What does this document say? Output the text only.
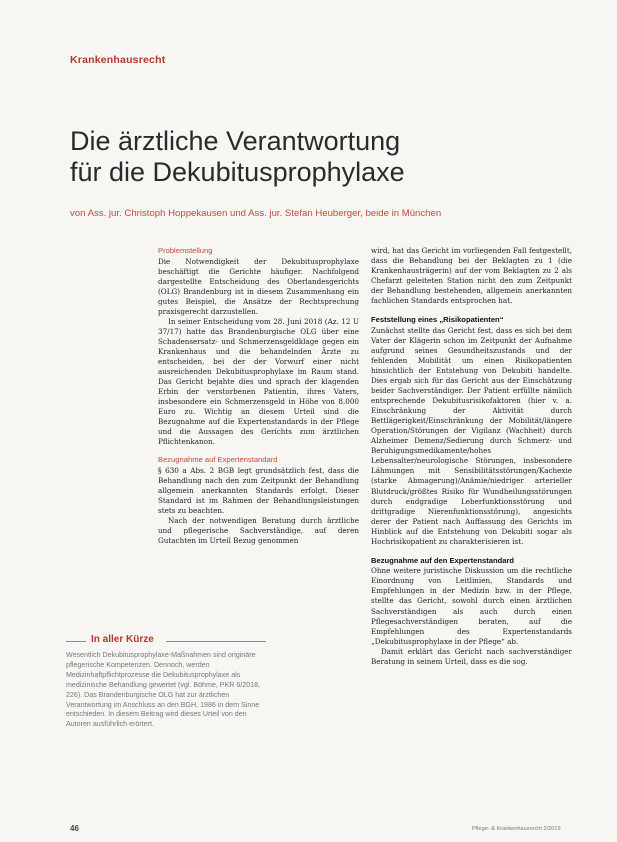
Krankenhausrecht
Die ärztliche Verantwortung
für die Dekubitusprophylaxe
von Ass. jur. Christoph Hoppekausen und Ass. jur. Stefan Heuberger, beide in München
Problemstellung

Die Notwendigkeit der Dekubitusprophylaxe beschäftigt die Gerichte häufiger. Nachfolgend dargestellte Entscheidung des Oberlandesgerichts (OLG) Brandenburg ist in diesem Zusammenhang ein gutes Beispiel, die Ansätze der Rechtsprechung praxisgerecht darzustellen.

In seiner Entscheidung vom 28. Juni 2018 (Az. 12 U 37/17) hatte das Brandenburgische OLG über eine Schadensersatz- und Schmerzensgeldklage gegen ein Krankenhaus und die behandelnden Ärzte zu entscheiden, bei der der Vorwurf einer nicht ausreichenden Dekubitusprophylaxe im Raum stand. Das Gericht bejahte dies und sprach der klagenden Erbin der verstorbenen Patientin, ihres Vaters, insbesondere ein Schmerzensgeld in Höhe von 8.000 Euro zu. Wichtig an diesem Urteil sind die Bezugnahme auf die Expertenstandards in der Pflege und die Aussagen des Gerichts zum ärztlichen Pflichtenkanon.

Bezugnahme auf Expertenstandard

§ 630 a Abs. 2 BGB legt grundsätzlich fest, dass die Behandlung nach den zum Zeitpunkt der Behandlung allgemein anerkannten Standards erfolgt. Dieser Standard ist im Rahmen der Behandlungsleistungen stets zu beachten.

Nach der notwendigen Beratung durch ärztliche und pflegerische Sachverständige, auf deren Gutachten im Urteil Bezug genommen

wird, hat das Gericht im vorliegenden Fall festgestellt, dass die Behandlung bei der Beklagten zu 1 (die Krankenhausträgerin) auf der vom Beklagten zu 2 als Chefarzt geleiteten Station nicht den zum Zeitpunkt der Behandlung bestehenden, allgemein anerkannten fachlichen Standards entsprochen hat.

Feststellung eines „Risikopatienten“

Zunächst stellte das Gericht fest, dass es sich bei dem Vater der Klägerin schon im Zeitpunkt der Aufnahme aufgrund seines Gesundheitszustands und der fehlenden Mobilität um einen Risikopatienten hinsichtlich der Entstehung von Dekubiti handelte. Dies ergab sich für das Gericht aus der Einschätzung beider Sachverständiger. Der Patient erfüllte nämlich entsprechende Dekubitusrisikofaktoren (hier v. a. Einschränkung der Aktivität durch Bettlägerigkeit/Einschränkung der Mobilität/längere Operation/Störungen der Vigilanz (Wachheit) durch Alzheimer Demenz/Sedierung durch Schmerz- und Beruhigungsmedikamente/hohes Lebensalter/neurologische Störungen, insbesondere Lähmungen mit Sensibilitätsstörungen/Kachexie (starke Abmagerung)/Anämie/niedriger arterieller Blutdruck/größtes Risiko für Wundheilungsstörungen durch endgradige Leberfunktionsstörung und drittgradige Nierenfunktionsstörung), angesichts derer der Patient nach Auffassung des Gerichts im Hinblick auf die Entstehung von Dekubiti sogar als Hochrisikopatient zu charakterisieren ist.

Bezugnahme auf den Expertenstandard

Ohne weitere juristische Diskussion um die rechtliche Einordnung von Leitlinien, Standards und Empfehlungen in der Medizin bzw. in der Pflege, stellte das Gericht, sowohl durch einen ärztlichen Sachverständigen als auch durch einen Pflegesachverständigen beraten, auf die Empfehlungen des Expertenstandards „Dekubitusprophylaxe in der Pflege“ ab.

Damit erklärt das Gericht nach sachverständiger Beratung in seinem Urteil, dass es die sog.

In aller Kürze
Wesentlich Dekubitusprophylaxe-Maßnahmen sind originäre pflegerische Kompetenzen. Dennoch, werden Medizinhaftpflichtprozesse die Dekubitusprophylaxe als medizinische Behandlung gewertet (vgl. Böhme, PKR 6/2018, 226). Das Brandenburgische OLG hat zur ärztlichen Verantwortung im Anschluss an den BGH, 1986 in dem Sinne entschieden. In diesem Beitrag wird dieses Urteil von den Autoren ausführlich erörtert.
46	Pflege- & Krankenhausrecht 2/2019
